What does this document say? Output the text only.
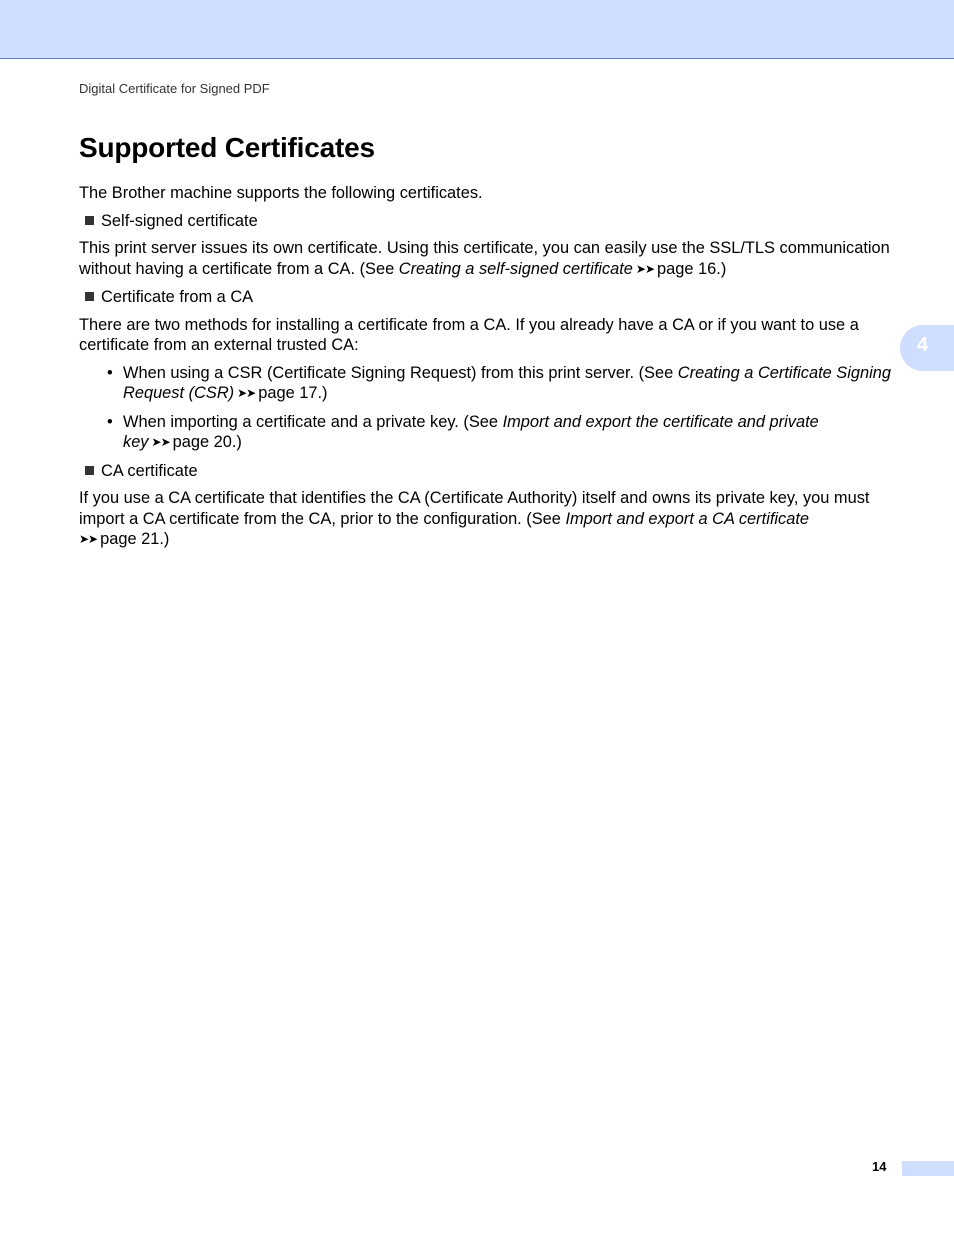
Digital Certificate for Signed PDF
Supported Certificates

The Brother machine supports the following certificates.

Self-signed certificate

This print server issues its own certificate. Using this certificate, you can easily use the SSL/TLS communication without having a certificate from a CA. (See Creating a self-signed certificate ➤➤ page 16.)

Certificate from a CA

There are two methods for installing a certificate from a CA. If you already have a CA or if you want to use a certificate from an external trusted CA:

• When using a CSR (Certificate Signing Request) from this print server. (See Creating a Certificate Signing Request (CSR) ➤➤ page 17.)
• When importing a certificate and a private key. (See Import and export the certificate and private key ➤➤ page 20.)
CA certificate

If you use a CA certificate that identifies the CA (Certificate Authority) itself and owns its private key, you must import a CA certificate from the CA, prior to the configuration. (See Import and export a CA certificate
➤➤ page 21.)

4
14
